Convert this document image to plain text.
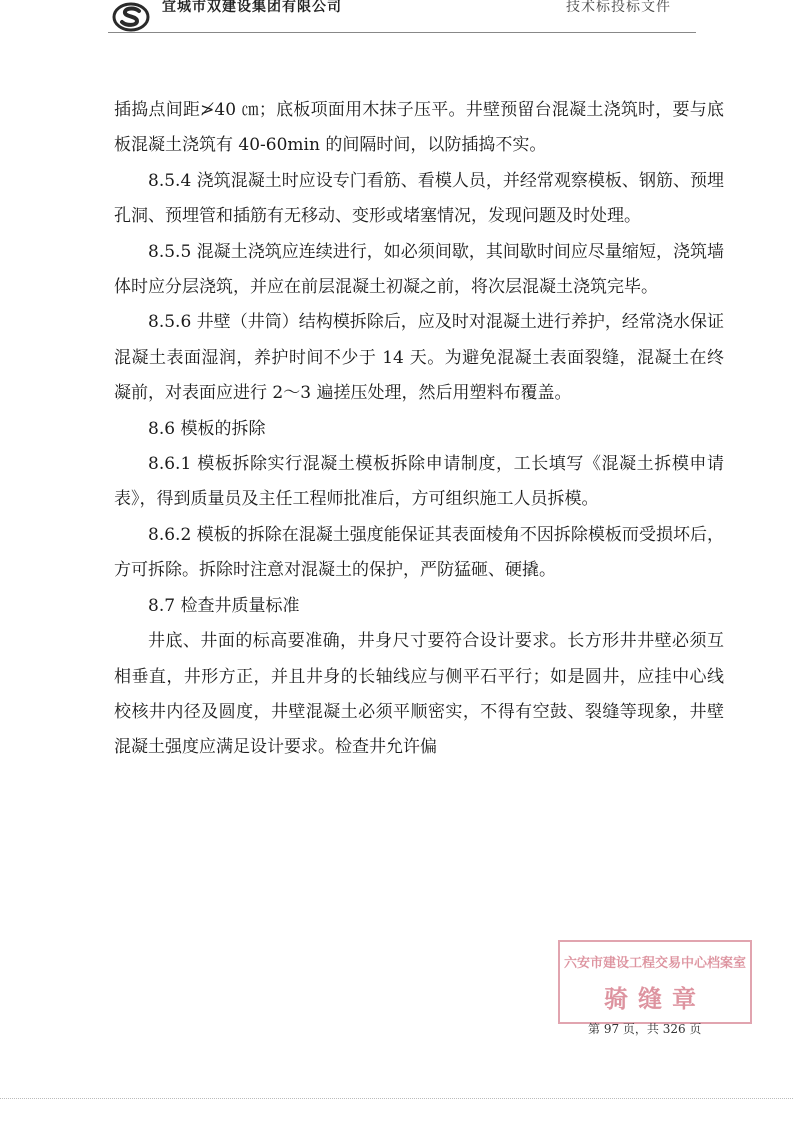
宜城市双建设集团有限公司	技术标投标文件

插捣点间距≯40 ㎝；底板项面用木抹子压平。井壁预留台混凝土浇筑时，要与底板混凝土浇筑有 40-60min 的间隔时间，以防插捣不实。

8.5.4 浇筑混凝土时应设专门看筋、看模人员，并经常观察模板、钢筋、预埋孔洞、预埋管和插筋有无移动、变形或堵塞情况，发现问题及时处理。

8.5.5 混凝土浇筑应连续进行，如必须间歇，其间歇时间应尽量缩短，浇筑墙体时应分层浇筑，并应在前层混凝土初凝之前，将次层混凝土浇筑完毕。

8.5.6 井壁（井筒）结构模拆除后，应及时对混凝土进行养护，经常浇水保证混凝土表面湿润，养护时间不少于 14 天。为避免混凝土表面裂缝，混凝土在终凝前，对表面应进行 2～3 遍搓压处理，然后用塑料布覆盖。

8.6 模板的拆除

8.6.1 模板拆除实行混凝土模板拆除申请制度，工长填写《混凝土拆模申请表》，得到质量员及主任工程师批准后，方可组织施工人员拆模。

8.6.2 模板的拆除在混凝土强度能保证其表面棱角不因拆除模板而受损坏后，方可拆除。拆除时注意对混凝土的保护，严防猛砸、硬撬。

8.7 检查井质量标准

井底、井面的标高要准确，井身尺寸要符合设计要求。长方形井井壁必须互相垂直，井形方正，并且井身的长轴线应与侧平石平行；如是圆井，应挂中心线校核井内径及圆度，井壁混凝土必须平顺密实，不得有空鼓、裂缝等现象，井壁混凝土强度应满足设计要求。检查井允许偏

六安市建设工程交易中心档案室
骑缝章
第 97 页，共 326 页
